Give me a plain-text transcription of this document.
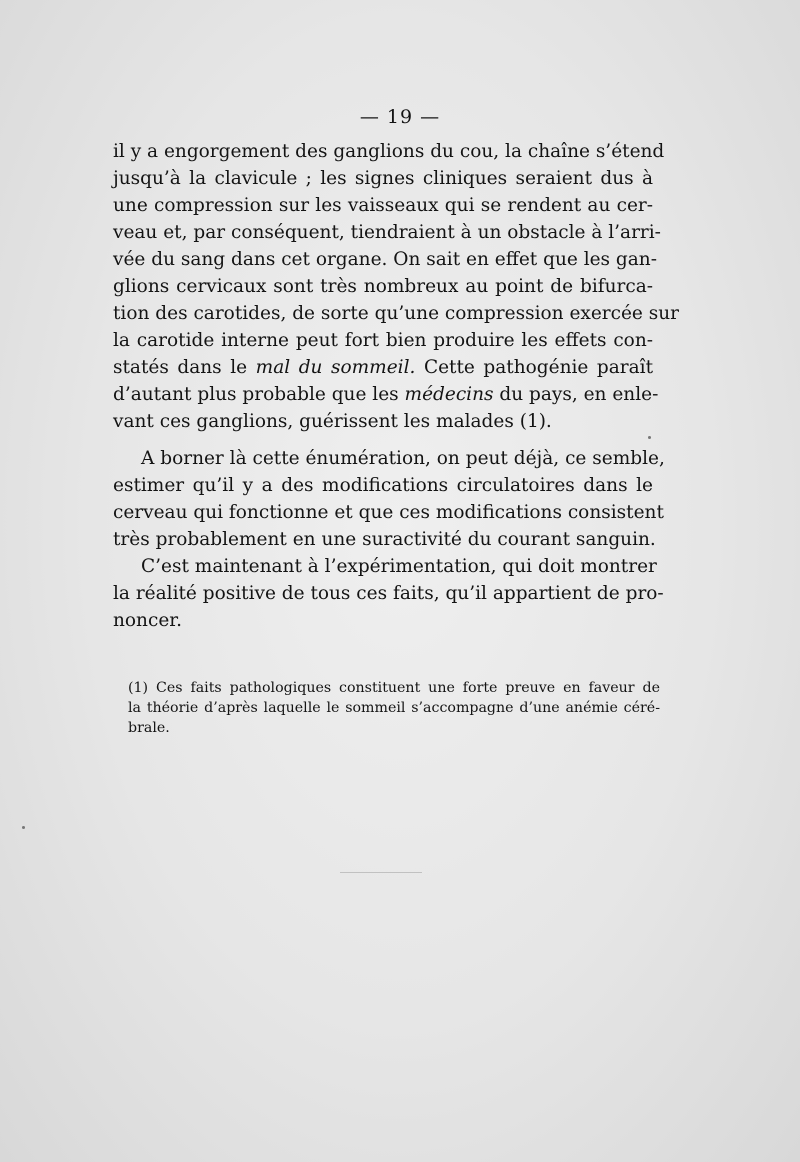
— 19 —
il y a engorgement des ganglions du cou, la chaîne s’étend
jusqu’à la clavicule ; les signes cliniques seraient dus à
une compression sur les vaisseaux qui se rendent au cer-
veau et, par conséquent, tiendraient à un obstacle à l’arri-
vée du sang dans cet organe. On sait en effet que les gan-
glions cervicaux sont très nombreux au point de bifurca-
tion des carotides, de sorte qu’une compression exercée sur
la carotide interne peut fort bien produire les effets con-
statés dans le mal du sommeil. Cette pathogénie paraît
d’autant plus probable que les médecins du pays, en enle-
vant ces ganglions, guérissent les malades (1).
A borner là cette énumération, on peut déjà, ce semble,
estimer qu’il y a des modifications circulatoires dans le
cerveau qui fonctionne et que ces modifications consistent
très probablement en une suractivité du courant sanguin.
C’est maintenant à l’expérimentation, qui doit montrer
la réalité positive de tous ces faits, qu’il appartient de pro-
noncer.
(1) Ces faits pathologiques constituent une forte preuve en faveur de
la théorie d’après laquelle le sommeil s’accompagne d’une anémie céré-
brale.
